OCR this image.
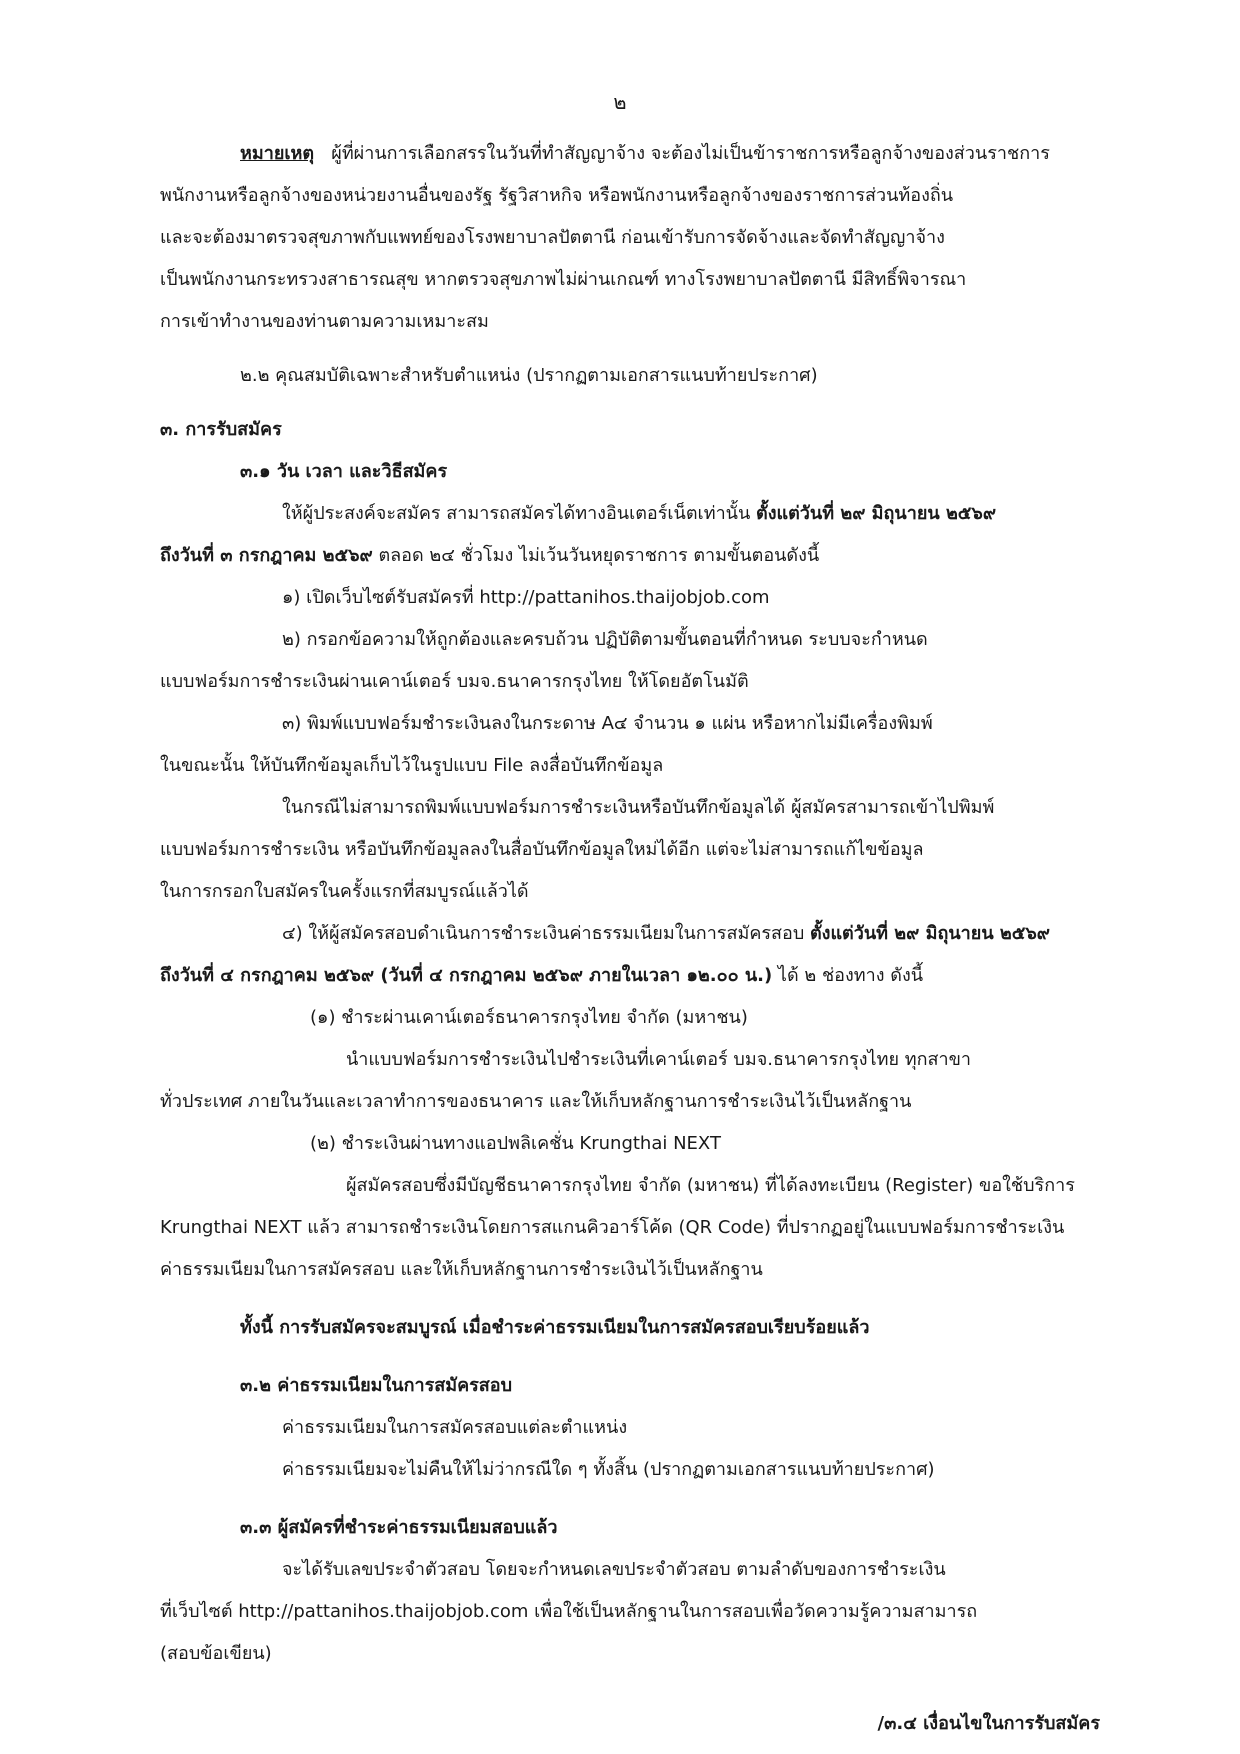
๒
หมายเหตุ ผู้ที่ผ่านการเลือกสรรในวันที่ทำสัญญาจ้าง จะต้องไม่เป็นข้าราชการหรือลูกจ้างของส่วนราชการ
พนักงานหรือลูกจ้างของหน่วยงานอื่นของรัฐ รัฐวิสาหกิจ หรือพนักงานหรือลูกจ้างของราชการส่วนท้องถิ่น
และจะต้องมาตรวจสุขภาพกับแพทย์ของโรงพยาบาลปัตตานี ก่อนเข้ารับการจัดจ้างและจัดทำสัญญาจ้าง
เป็นพนักงานกระทรวงสาธารณสุข หากตรวจสุขภาพไม่ผ่านเกณฑ์ ทางโรงพยาบาลปัตตานี มีสิทธิ์พิจารณา
การเข้าทำงานของท่านตามความเหมาะสม
๒.๒ คุณสมบัติเฉพาะสำหรับตำแหน่ง (ปรากฏตามเอกสารแนบท้ายประกาศ)
๓. การรับสมัคร
๓.๑ วัน เวลา และวิธีสมัคร
ให้ผู้ประสงค์จะสมัคร สามารถสมัครได้ทางอินเตอร์เน็ตเท่านั้น ตั้งแต่วันที่ ๒๙ มิถุนายน ๒๕๖๙
ถึงวันที่ ๓ กรกฎาคม ๒๕๖๙ ตลอด ๒๔ ชั่วโมง ไม่เว้นวันหยุดราชการ ตามขั้นตอนดังนี้
๑) เปิดเว็บไซต์รับสมัครที่ http://pattanihos.thaijobjob.com
๒) กรอกข้อความให้ถูกต้องและครบถ้วน ปฏิบัติตามขั้นตอนที่กำหนด ระบบจะกำหนด
แบบฟอร์มการชำระเงินผ่านเคาน์เตอร์ บมจ.ธนาคารกรุงไทย ให้โดยอัตโนมัติ
๓) พิมพ์แบบฟอร์มชำระเงินลงในกระดาษ A๔ จำนวน ๑ แผ่น หรือหากไม่มีเครื่องพิมพ์
ในขณะนั้น ให้บันทึกข้อมูลเก็บไว้ในรูปแบบ File ลงสื่อบันทึกข้อมูล
ในกรณีไม่สามารถพิมพ์แบบฟอร์มการชำระเงินหรือบันทึกข้อมูลได้ ผู้สมัครสามารถเข้าไปพิมพ์
แบบฟอร์มการชำระเงิน หรือบันทึกข้อมูลลงในสื่อบันทึกข้อมูลใหม่ได้อีก แต่จะไม่สามารถแก้ไขข้อมูล
ในการกรอกใบสมัครในครั้งแรกที่สมบูรณ์แล้วได้
๔) ให้ผู้สมัครสอบดำเนินการชำระเงินค่าธรรมเนียมในการสมัครสอบ ตั้งแต่วันที่ ๒๙ มิถุนายน ๒๕๖๙
ถึงวันที่ ๔ กรกฎาคม ๒๕๖๙ (วันที่ ๔ กรกฎาคม ๒๕๖๙ ภายในเวลา ๑๒.๐๐ น.) ได้ ๒ ช่องทาง ดังนี้
(๑) ชำระผ่านเคาน์เตอร์ธนาคารกรุงไทย จำกัด (มหาชน)
นำแบบฟอร์มการชำระเงินไปชำระเงินที่เคาน์เตอร์ บมจ.ธนาคารกรุงไทย ทุกสาขา
ทั่วประเทศ ภายในวันและเวลาทำการของธนาคาร และให้เก็บหลักฐานการชำระเงินไว้เป็นหลักฐาน
(๒) ชำระเงินผ่านทางแอปพลิเคชั่น Krungthai NEXT
ผู้สมัครสอบซึ่งมีบัญชีธนาคารกรุงไทย จำกัด (มหาชน) ที่ได้ลงทะเบียน (Register) ขอใช้บริการ
Krungthai NEXT แล้ว สามารถชำระเงินโดยการสแกนคิวอาร์โค้ด (QR Code) ที่ปรากฏอยู่ในแบบฟอร์มการชำระเงิน
ค่าธรรมเนียมในการสมัครสอบ และให้เก็บหลักฐานการชำระเงินไว้เป็นหลักฐาน
ทั้งนี้ การรับสมัครจะสมบูรณ์ เมื่อชำระค่าธรรมเนียมในการสมัครสอบเรียบร้อยแล้ว
๓.๒ ค่าธรรมเนียมในการสมัครสอบ
ค่าธรรมเนียมในการสมัครสอบแต่ละตำแหน่ง
ค่าธรรมเนียมจะไม่คืนให้ไม่ว่ากรณีใด ๆ ทั้งสิ้น (ปรากฏตามเอกสารแนบท้ายประกาศ)
๓.๓ ผู้สมัครที่ชำระค่าธรรมเนียมสอบแล้ว
จะได้รับเลขประจำตัวสอบ โดยจะกำหนดเลขประจำตัวสอบ ตามลำดับของการชำระเงิน
ที่เว็บไซต์ http://pattanihos.thaijobjob.com เพื่อใช้เป็นหลักฐานในการสอบเพื่อวัดความรู้ความสามารถ
(สอบข้อเขียน)
/๓.๔ เงื่อนไขในการรับสมัคร
